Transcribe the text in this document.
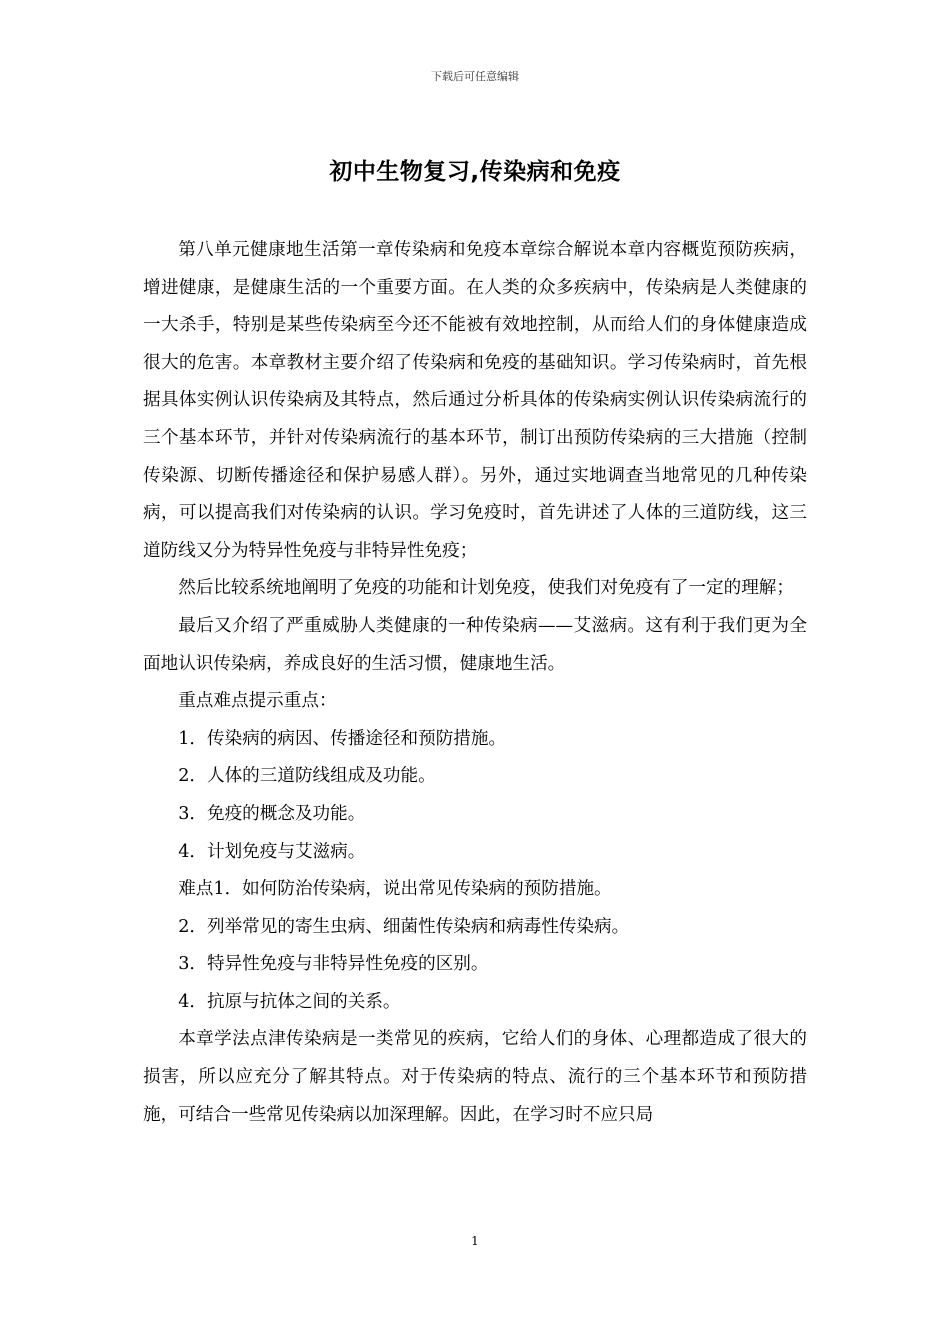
下载后可任意编辑
初中生物复习,传染病和免疫

第八单元健康地生活第一章传染病和免疫本章综合解说本章内容概览预防疾病，增进健康，是健康生活的一个重要方面。在人类的众多疾病中，传染病是人类健康的一大杀手，特别是某些传染病至今还不能被有效地控制，从而给人们的身体健康造成很大的危害。本章教材主要介绍了传染病和免疫的基础知识。学习传染病时，首先根据具体实例认识传染病及其特点，然后通过分析具体的传染病实例认识传染病流行的三个基本环节，并针对传染病流行的基本环节，制订出预防传染病的三大措施（控制传染源、切断传播途径和保护易感人群）。另外，通过实地调查当地常见的几种传染病，可以提高我们对传染病的认识。学习免疫时，首先讲述了人体的三道防线，这三道防线又分为特异性免疫与非特异性免疫；

然后比较系统地阐明了免疫的功能和计划免疫，使我们对免疫有了一定的理解；

最后又介绍了严重威胁人类健康的一种传染病——艾滋病。这有利于我们更为全面地认识传染病，养成良好的生活习惯，健康地生活。

重点难点提示重点：

1．传染病的病因、传播途径和预防措施。

2．人体的三道防线组成及功能。

3．免疫的概念及功能。

4．计划免疫与艾滋病。

难点1．如何防治传染病，说出常见传染病的预防措施。

2．列举常见的寄生虫病、细菌性传染病和病毒性传染病。

3．特异性免疫与非特异性免疫的区别。

4．抗原与抗体之间的关系。

本章学法点津传染病是一类常见的疾病，它给人们的身体、心理都造成了很大的损害，所以应充分了解其特点。对于传染病的特点、流行的三个基本环节和预防措施，可结合一些常见传染病以加深理解。因此，在学习时不应只局

1
